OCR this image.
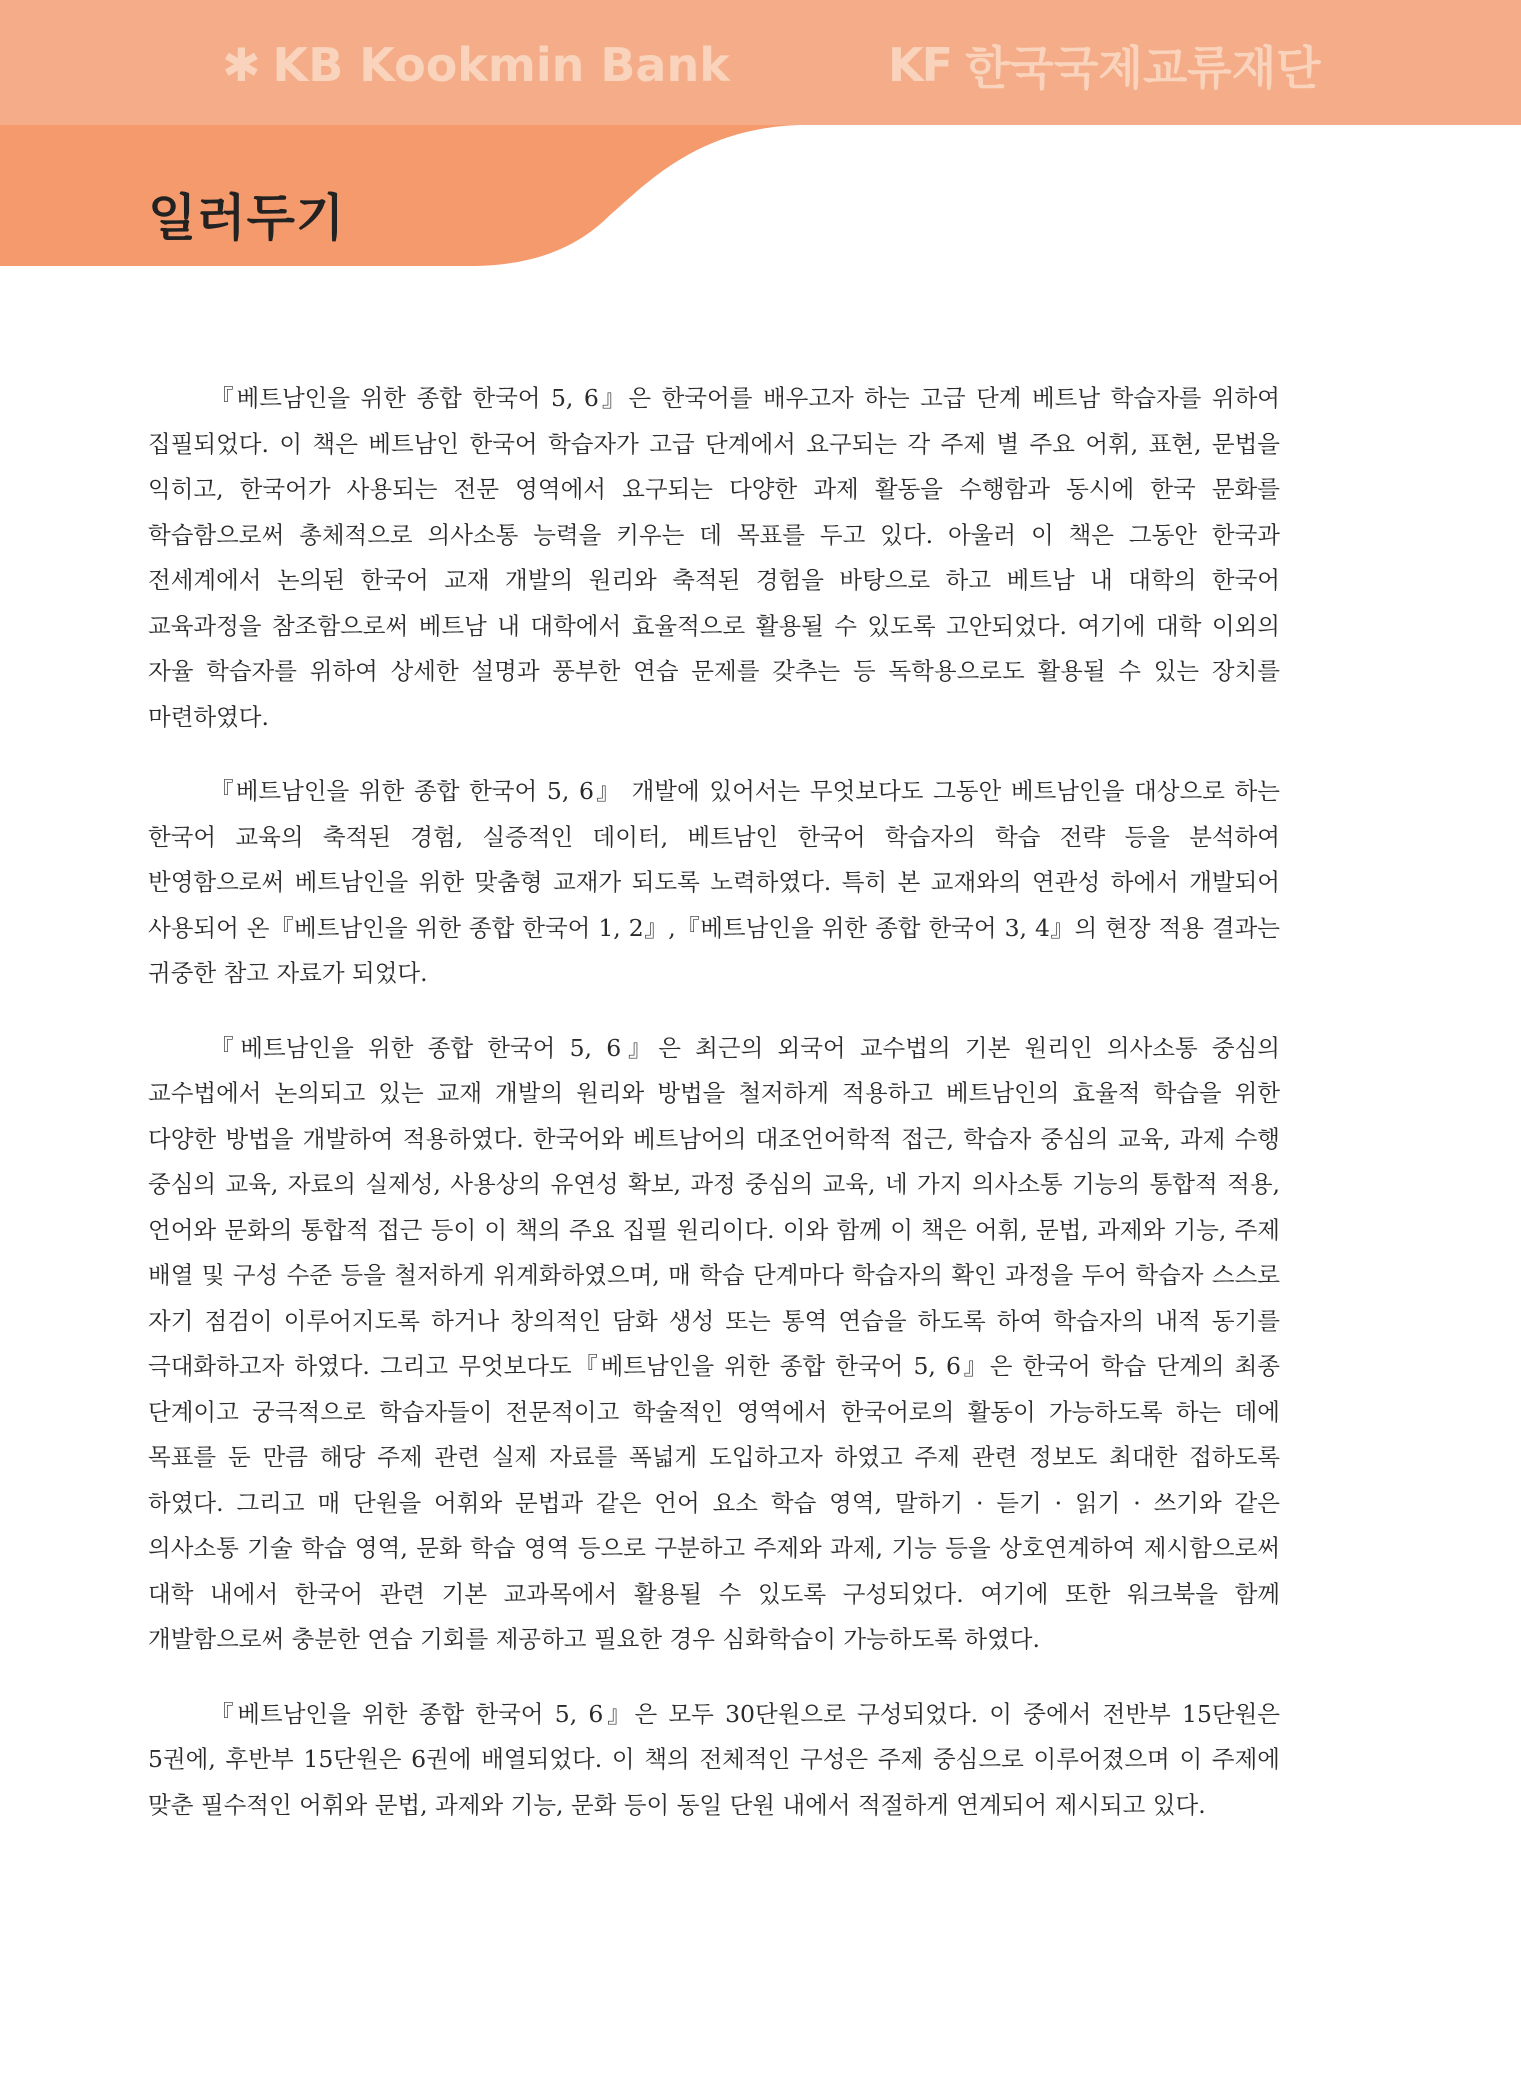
✱ KB Kookmin Bank	KF 한국국제교류재단
일러두기

『베트남인을 위한 종합 한국어 5, 6』은 한국어를 배우고자 하는 고급 단계 베트남 학습자를 위하여 집필되었다. 이 책은 베트남인 한국어 학습자가 고급 단계에서 요구되는 각 주제 별 주요 어휘, 표현, 문법을 익히고, 한국어가 사용되는 전문 영역에서 요구되는 다양한 과제 활동을 수행함과 동시에 한국 문화를 학습함으로써 총체적으로 의사소통 능력을 키우는 데 목표를 두고 있다. 아울러 이 책은 그동안 한국과 전세계에서 논의된 한국어 교재 개발의 원리와 축적된 경험을 바탕으로 하고 베트남 내 대학의 한국어 교육과정을 참조함으로써 베트남 내 대학에서 효율적으로 활용될 수 있도록 고안되었다. 여기에 대학 이외의 자율 학습자를 위하여 상세한 설명과 풍부한 연습 문제를 갖추는 등 독학용으로도 활용될 수 있는 장치를 마련하였다.

『베트남인을 위한 종합 한국어 5, 6』 개발에 있어서는 무엇보다도 그동안 베트남인을 대상으로 하는 한국어 교육의 축적된 경험, 실증적인 데이터, 베트남인 한국어 학습자의 학습 전략 등을 분석하여 반영함으로써 베트남인을 위한 맞춤형 교재가 되도록 노력하였다. 특히 본 교재와의 연관성 하에서 개발되어 사용되어 온『베트남인을 위한 종합 한국어 1, 2』,『베트남인을 위한 종합 한국어 3, 4』의 현장 적용 결과는 귀중한 참고 자료가 되었다.

『베트남인을 위한 종합 한국어 5, 6』은 최근의 외국어 교수법의 기본 원리인 의사소통 중심의 교수법에서 논의되고 있는 교재 개발의 원리와 방법을 철저하게 적용하고 베트남인의 효율적 학습을 위한 다양한 방법을 개발하여 적용하였다. 한국어와 베트남어의 대조언어학적 접근, 학습자 중심의 교육, 과제 수행 중심의 교육, 자료의 실제성, 사용상의 유연성 확보, 과정 중심의 교육, 네 가지 의사소통 기능의 통합적 적용, 언어와 문화의 통합적 접근 등이 이 책의 주요 집필 원리이다. 이와 함께 이 책은 어휘, 문법, 과제와 기능, 주제 배열 및 구성 수준 등을 철저하게 위계화하였으며, 매 학습 단계마다 학습자의 확인 과정을 두어 학습자 스스로 자기 점검이 이루어지도록 하거나 창의적인 담화 생성 또는 통역 연습을 하도록 하여 학습자의 내적 동기를 극대화하고자 하였다. 그리고 무엇보다도『베트남인을 위한 종합 한국어 5, 6』은 한국어 학습 단계의 최종 단계이고 궁극적으로 학습자들이 전문적이고 학술적인 영역에서 한국어로의 활동이 가능하도록 하는 데에 목표를 둔 만큼 해당 주제 관련 실제 자료를 폭넓게 도입하고자 하였고 주제 관련 정보도 최대한 접하도록 하였다. 그리고 매 단원을 어휘와 문법과 같은 언어 요소 학습 영역, 말하기 · 듣기 · 읽기 · 쓰기와 같은 의사소통 기술 학습 영역, 문화 학습 영역 등으로 구분하고 주제와 과제, 기능 등을 상호연계하여 제시함으로써 대학 내에서 한국어 관련 기본 교과목에서 활용될 수 있도록 구성되었다. 여기에 또한 워크북을 함께 개발함으로써 충분한 연습 기회를 제공하고 필요한 경우 심화학습이 가능하도록 하였다.

『베트남인을 위한 종합 한국어 5, 6』은 모두 30단원으로 구성되었다. 이 중에서 전반부 15단원은 5권에, 후반부 15단원은 6권에 배열되었다. 이 책의 전체적인 구성은 주제 중심으로 이루어졌으며 이 주제에 맞춘 필수적인 어휘와 문법, 과제와 기능, 문화 등이 동일 단원 내에서 적절하게 연계되어 제시되고 있다.
